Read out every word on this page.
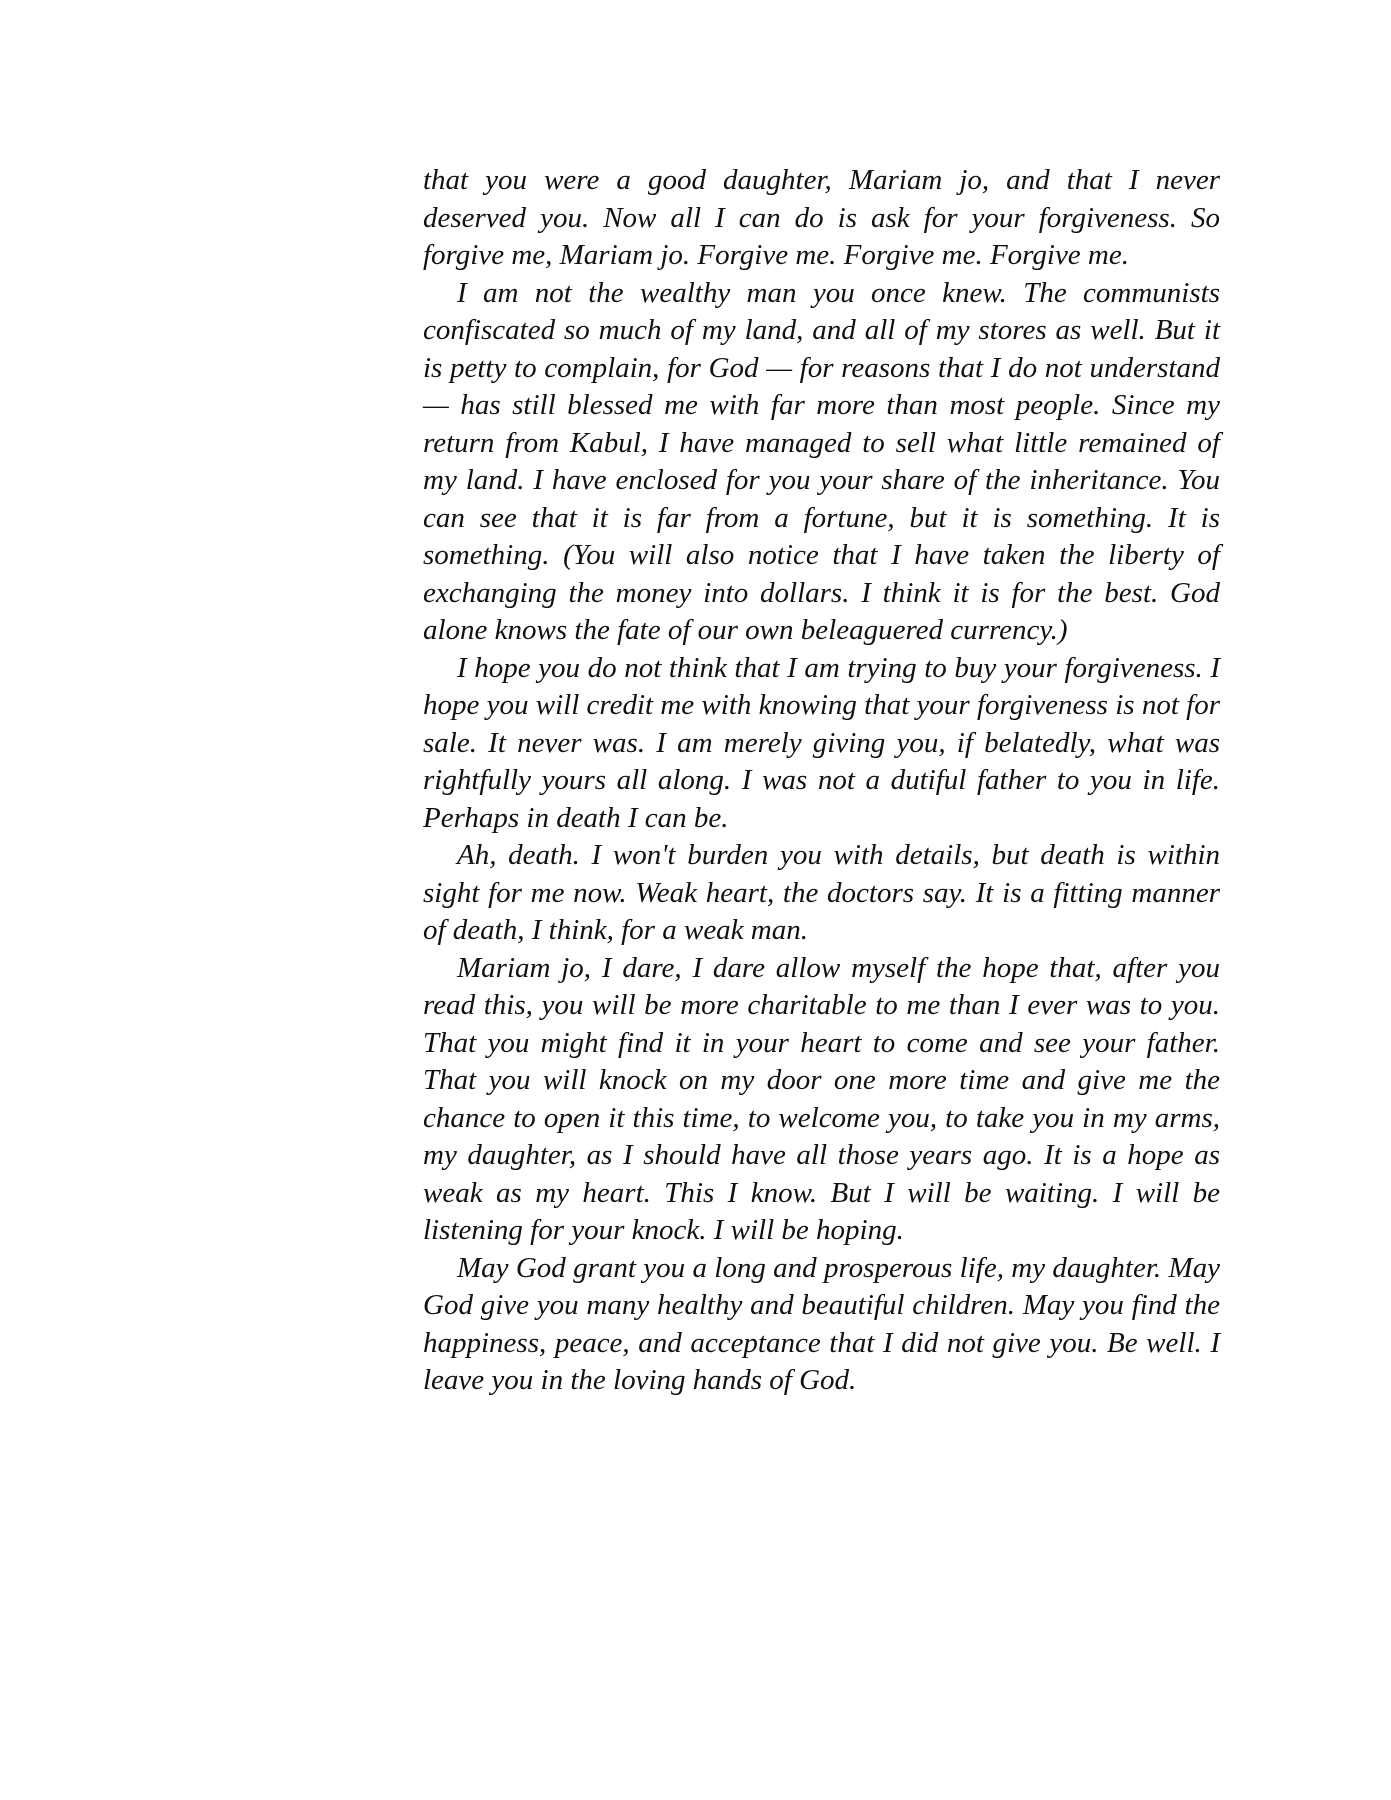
that you were a good daughter, Mariam jo, and that I never deserved you. Now all I can do is ask for your forgiveness. So forgive me, Mariam jo. Forgive me. Forgive me. Forgive me.

I am not the wealthy man you once knew. The communists confiscated so much of my land, and all of my stores as well. But it is petty to complain, for God — for reasons that I do not understand — has still blessed me with far more than most people. Since my return from Kabul, I have managed to sell what little remained of my land. I have enclosed for you your share of the inheritance. You can see that it is far from a fortune, but it is something. It is something. (You will also notice that I have taken the liberty of exchanging the money into dollars. I think it is for the best. God alone knows the fate of our own beleaguered currency.)

I hope you do not think that I am trying to buy your forgiveness. I hope you will credit me with knowing that your forgiveness is not for sale. It never was. I am merely giving you, if belatedly, what was rightfully yours all along. I was not a dutiful father to you in life. Perhaps in death I can be.

Ah, death. I won't burden you with details, but death is within sight for me now. Weak heart, the doctors say. It is a fitting manner of death, I think, for a weak man.

Mariam jo, I dare, I dare allow myself the hope that, after you read this, you will be more charitable to me than I ever was to you. That you might find it in your heart to come and see your father. That you will knock on my door one more time and give me the chance to open it this time, to welcome you, to take you in my arms, my daughter, as I should have all those years ago. It is a hope as weak as my heart. This I know. But I will be waiting. I will be listening for your knock. I will be hoping.

May God grant you a long and prosperous life, my daughter. May God give you many healthy and beautiful children. May you find the happiness, peace, and acceptance that I did not give you. Be well. I leave you in the loving hands of God.
